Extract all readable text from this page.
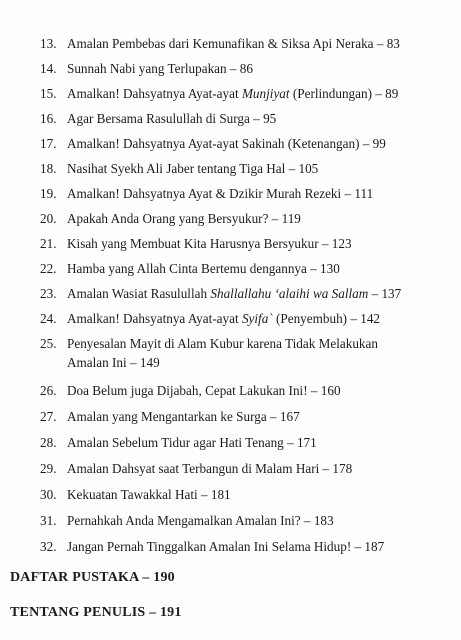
13. Amalan Pembebas dari Kemunafikan & Siksa Api Neraka – 83
14. Sunnah Nabi yang Terlupakan – 86
15. Amalkan! Dahsyatnya Ayat-ayat Munjiyat (Perlindungan) – 89
16. Agar Bersama Rasulullah di Surga – 95
17. Amalkan! Dahsyatnya Ayat-ayat Sakinah (Ketenangan) – 99
18. Nasihat Syekh Ali Jaber tentang Tiga Hal – 105
19. Amalkan! Dahsyatnya Ayat & Dzikir Murah Rezeki – 111
20. Apakah Anda Orang yang Bersyukur? – 119
21. Kisah yang Membuat Kita Harusnya Bersyukur – 123
22. Hamba yang Allah Cinta Bertemu dengannya – 130
23. Amalan Wasiat Rasulullah Shallallahu ‘alaihi wa Sallam – 137
24. Amalkan! Dahsyatnya Ayat-ayat Syifa` (Penyembuh) – 142
25. Penyesalan Mayit di Alam Kubur karena Tidak Melakukan
Amalan Ini – 149
26. Doa Belum juga Dijabah, Cepat Lakukan Ini! – 160
27. Amalan yang Mengantarkan ke Surga – 167
28. Amalan Sebelum Tidur agar Hati Tenang – 171
29. Amalan Dahsyat saat Terbangun di Malam Hari – 178
30. Kekuatan Tawakkal Hati – 181
31. Pernahkah Anda Mengamalkan Amalan Ini? – 183
32. Jangan Pernah Tinggalkan Amalan Ini Selama Hidup! – 187
DAFTAR PUSTAKA – 190
TENTANG PENULIS – 191
